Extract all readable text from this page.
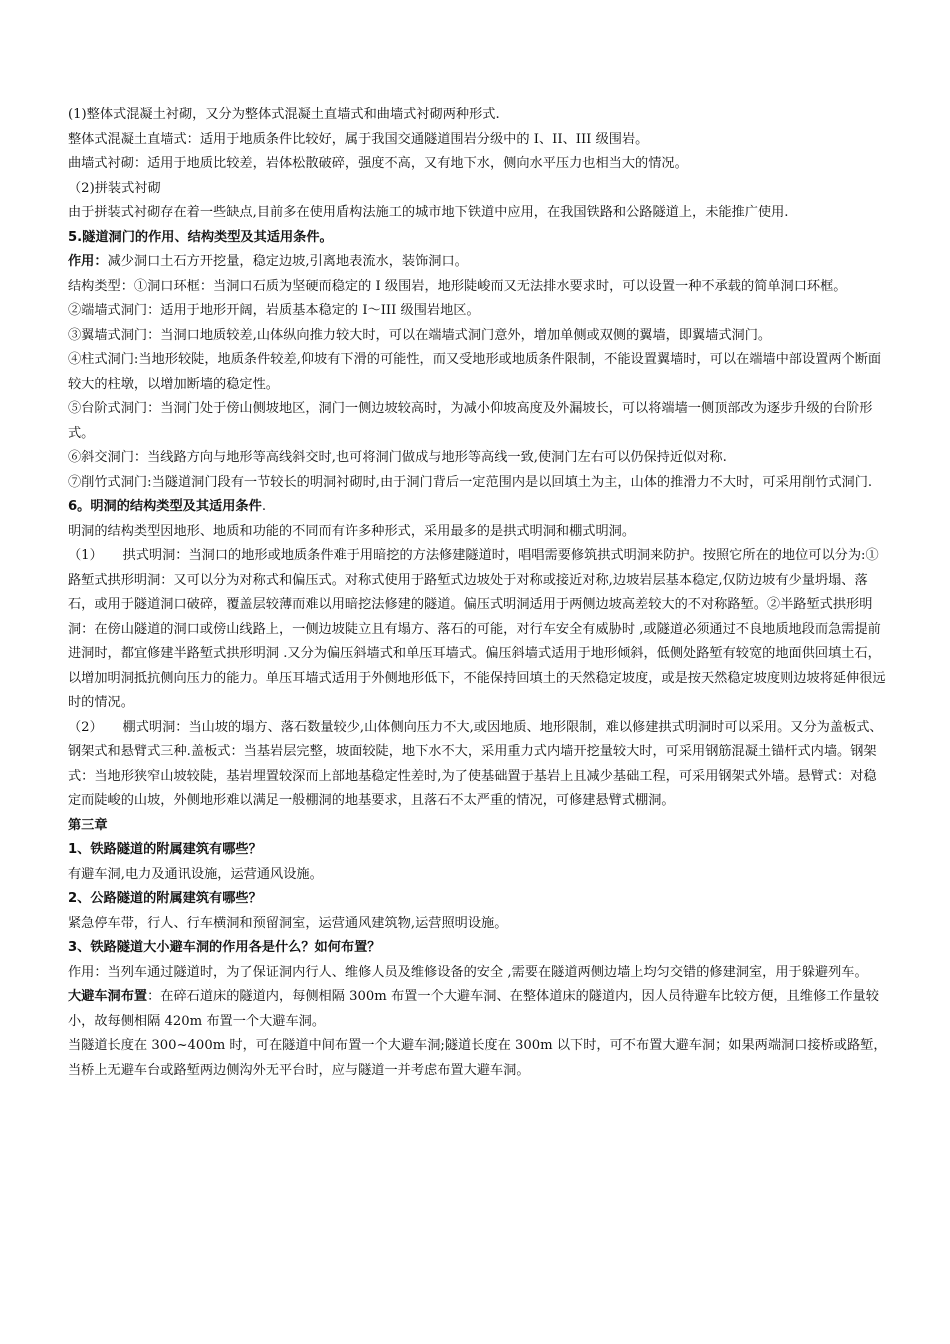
(1)整体式混凝土衬砌，又分为整体式混凝土直墙式和曲墙式衬砌两种形式.

整体式混凝土直墙式：适用于地质条件比较好，属于我国交通隧道围岩分级中的 I、II、III 级围岩。

曲墙式衬砌：适用于地质比较差，岩体松散破碎，强度不高，又有地下水，侧向水平压力也相当大的情况。

（2)拼装式衬砌

由于拼装式衬砌存在着一些缺点,目前多在使用盾构法施工的城市地下铁道中应用，在我国铁路和公路隧道上，未能推广使用.

5.隧道洞门的作用、结构类型及其适用条件。

作用：减少洞口土石方开挖量，稳定边坡,引离地表流水，装饰洞口。

结构类型：①洞口环框：当洞口石质为坚硬而稳定的 I 级围岩，地形陡峻而又无法排水要求时，可以设置一种不承载的简单洞口环框。

②端墙式洞门：适用于地形开阔，岩质基本稳定的 I～III 级围岩地区。

③翼墙式洞门：当洞口地质较差,山体纵向推力较大时，可以在端墙式洞门意外，增加单侧或双侧的翼墙，即翼墙式洞门。

④柱式洞门:当地形较陡，地质条件较差,仰坡有下滑的可能性，而又受地形或地质条件限制，不能设置翼墙时，可以在端墙中部设置两个断面较大的柱墩，以增加断墙的稳定性。

⑤台阶式洞门：当洞门处于傍山侧坡地区，洞门一侧边坡较高时，为减小仰坡高度及外漏坡长，可以将端墙一侧顶部改为逐步升级的台阶形式。

⑥斜交洞门：当线路方向与地形等高线斜交时,也可将洞门做成与地形等高线一致,使洞门左右可以仍保持近似对称.

⑦削竹式洞门:当隧道洞门段有一节较长的明洞衬砌时,由于洞门背后一定范围内是以回填土为主，山体的推滑力不大时，可采用削竹式洞门.

6。明洞的结构类型及其适用条件.

明洞的结构类型因地形、地质和功能的不同而有许多种形式，采用最多的是拱式明洞和棚式明洞。

（1）　　拱式明洞：当洞口的地形或地质条件难于用暗挖的方法修建隧道时，唱唱需要修筑拱式明洞来防护。按照它所在的地位可以分为:①路堑式拱形明洞：又可以分为对称式和偏压式。对称式使用于路堑式边坡处于对称或接近对称,边坡岩层基本稳定,仅防边坡有少量坍塌、落石，或用于隧道洞口破碎，覆盖层较薄而难以用暗挖法修建的隧道。偏压式明洞适用于两侧边坡高差较大的不对称路堑。②半路堑式拱形明洞：在傍山隧道的洞口或傍山线路上，一侧边坡陡立且有塌方、落石的可能，对行车安全有威胁时 ,或隧道必须通过不良地质地段而急需提前进洞时，都宜修建半路堑式拱形明洞 .又分为偏压斜墙式和单压耳墙式。偏压斜墙式适用于地形倾斜，低侧处路堑有较宽的地面供回填土石，以增加明洞抵抗侧向压力的能力。单压耳墙式适用于外侧地形低下，不能保持回填土的天然稳定坡度，或是按天然稳定坡度则边坡将延伸很远时的情况。

（2）　　棚式明洞：当山坡的塌方、落石数量较少,山体侧向压力不大,或因地质、地形限制，难以修建拱式明洞时可以采用。又分为盖板式、钢架式和悬臂式三种.盖板式：当基岩层完整，坡面较陡，地下水不大，采用重力式内墙开挖量较大时，可采用钢筋混凝土锚杆式内墙。钢架式：当地形狭窄山坡较陡，基岩埋置较深而上部地基稳定性差时,为了使基础置于基岩上且减少基础工程，可采用钢架式外墙。悬臂式：对稳定而陡峻的山坡，外侧地形难以满足一般棚洞的地基要求，且落石不太严重的情况，可修建悬臂式棚洞。

第三章

1、铁路隧道的附属建筑有哪些？

有避车洞,电力及通讯设施，运营通风设施。

2、公路隧道的附属建筑有哪些？

紧急停车带，行人、行车横洞和预留洞室，运营通风建筑物,运营照明设施。

3、铁路隧道大小避车洞的作用各是什么？如何布置？

作用：当列车通过隧道时，为了保证洞内行人、维修人员及维修设备的安全 ,需要在隧道两侧边墙上均匀交错的修建洞室，用于躲避列车。

大避车洞布置：在碎石道床的隧道内，每侧相隔 300m 布置一个大避车洞、在整体道床的隧道内，因人员待避车比较方便，且维修工作量较小，故每侧相隔 420m 布置一个大避车洞。

当隧道长度在 300~400m 时，可在隧道中间布置一个大避车洞;隧道长度在 300m 以下时，可不布置大避车洞；如果两端洞口接桥或路堑，当桥上无避车台或路堑两边侧沟外无平台时，应与隧道一并考虑布置大避车洞。
